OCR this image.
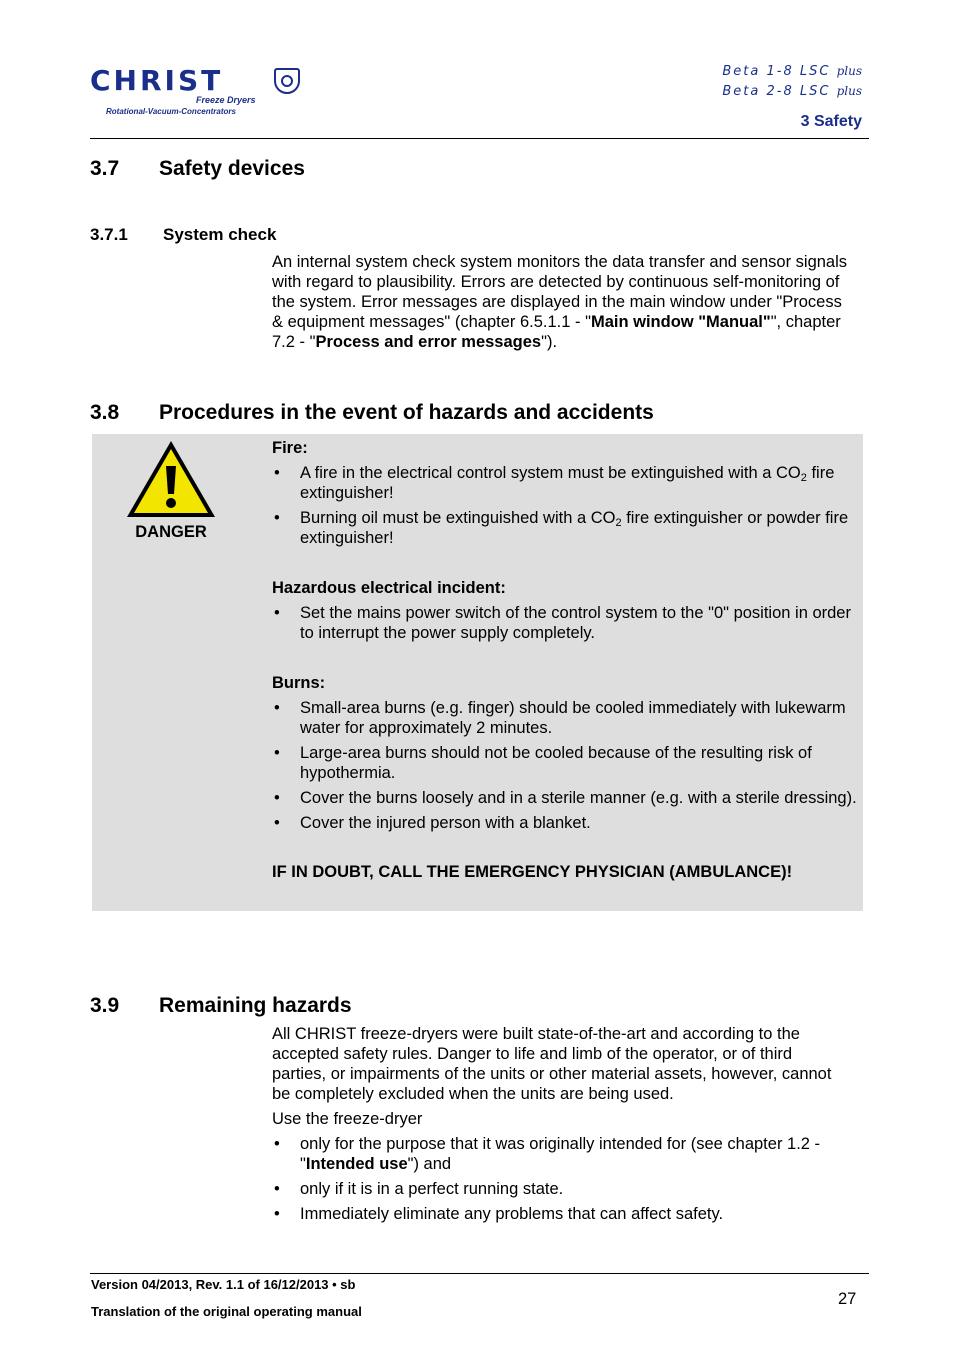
CHRIST
Freeze Dryers
Rotational-Vacuum-Concentrators
Beta 1-8 LSC plus
Beta 2-8 LSC plus
3 Safety
3.7 Safety devices
3.7.1 System check

An internal system check system monitors the data transfer and sensor signals with regard to plausibility. Errors are detected by continuous self-monitoring of the system. Error messages are displayed in the main window under "Process & equipment messages" (chapter 6.5.1.1 - "Main window "Manual"", chapter 7.2 - "Process and error messages").

3.8 Procedures in the event of hazards and accidents
DANGER

Fire:

• A fire in the electrical control system must be extinguished with a $CO_2$ fire extinguisher!
• Burning oil must be extinguished with a $CO_2$ fire extinguisher or powder fire extinguisher!

Hazardous electrical incident:

• Set the mains power switch of the control system to the "0" position in order to interrupt the power supply completely.

Burns:

• Small-area burns (e.g. finger) should be cooled immediately with lukewarm water for approximately 2 minutes.
• Large-area burns should not be cooled because of the resulting risk of hypothermia.
• Cover the burns loosely and in a sterile manner (e.g. with a sterile dressing).
• Cover the injured person with a blanket.

IF IN DOUBT, CALL THE EMERGENCY PHYSICIAN (AMBULANCE)!

3.9 Remaining hazards

All CHRIST freeze-dryers were built state-of-the-art and according to the accepted safety rules. Danger to life and limb of the operator, or of third parties, or impairments of the units or other material assets, however, cannot be completely excluded when the units are being used.

Use the freeze-dryer

• only for the purpose that it was originally intended for (see chapter 1.2 - "Intended use") and
• only if it is in a perfect running state.
• Immediately eliminate any problems that can affect safety.
Version 04/2013, Rev. 1.1 of 16/12/2013 • sb
Translation of the original operating manual
27
